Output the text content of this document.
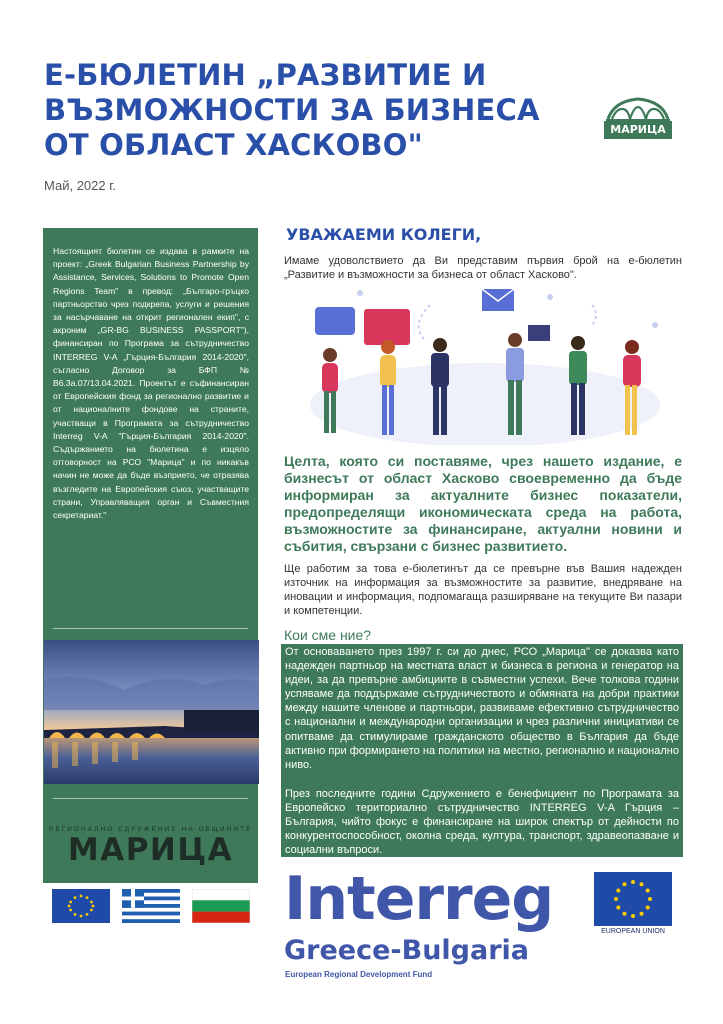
Е-БЮЛЕТИН „РАЗВИТИЕ И ВЪЗМОЖНОСТИ ЗА БИЗНЕСА ОТ ОБЛАСТ ХАСКОВО"
Май, 2022 г.
МАРИЦА
Настоящият бюлетин се издава в рамките на проект: „Greek Bulgarian Business Partnership by Assistance, Services, Solutions to Promote Open Regions Team" в превод: „Българо-гръцко партньорство чрез подкрепа, услуги и решения за насърчаване на открит регионален екип", с акроним „GR-BG BUSINESS PASSPORT"), финансиран по Програма за сътрудничество INTERREG V-A „Гърция-България 2014-2020", съгласно Договор за БФП № B6.3a.07/13.04.2021. Проектът е съфинансиран от Европейския фонд за регионално развитие и от националните фондове на страните, участващи в Програмата за сътрудничество Interreg V-A "Гърция-България 2014-2020". Съдържанието на бюлетина е изцяло отговорност на РСО "Марица" и по никакъв начин не може да бъде възприето, че отразява възгледите на Европейския съюз, участващите страни, Управляващия орган и Съвместния секретариат."
РЕГИОНАЛНО СДРУЖЕНИЕ НА ОБЩИНИТЕ
МАРИЦА
УВАЖАЕМИ КОЛЕГИ,
Имаме удоволствието да Ви представим първия брой на е-бюлетин „Развитие и възможности за бизнеса от област Хасково".
Целта, която си поставяме, чрез нашето издание, е бизнесът от област Хасково своевременно да бъде информиран за актуалните бизнес показатели, предопределящи икономическата среда на работа, възможностите за финансиране, актуални новини и събития, свързани с бизнес развитието.
Ще работим за това е-бюлетинът да се превърне във Вашия надежден източник на информация за възможностите за развитие, внедряване на иновации и информация, подпомагаща разширяване на текущите Ви пазари и компетенции.
Кои сме ние?

От основаването през 1997 г. си до днес, РСО „Марица" се доказва като надежден партньор на местната власт и бизнеса в региона и генератор на идеи, за да превърне амбициите в съвместни успехи. Вече толкова години успяваме да поддържаме сътрудничеството и обмяната на добри практики между нашите членове и партньори, развиваме ефективно сътрудничество с национални и международни организации и чрез различни инициативи се опитваме да стимулираме гражданското общество в България да бъде активно при формирането на политики на местно, регионално и национално ниво.

През последните години Сдружението е бенефициент по Програмата за Европейско териториално сътрудничество INTERREG V-A Гърция – България, чийто фокус е финансиране на широк спектър от дейности по конкурентоспособност, околна среда, култура, транспорт, здравеопазване и социални въпроси.

Interreg
Greece-Bulgaria
European Regional Development Fund
EUROPEAN UNION
